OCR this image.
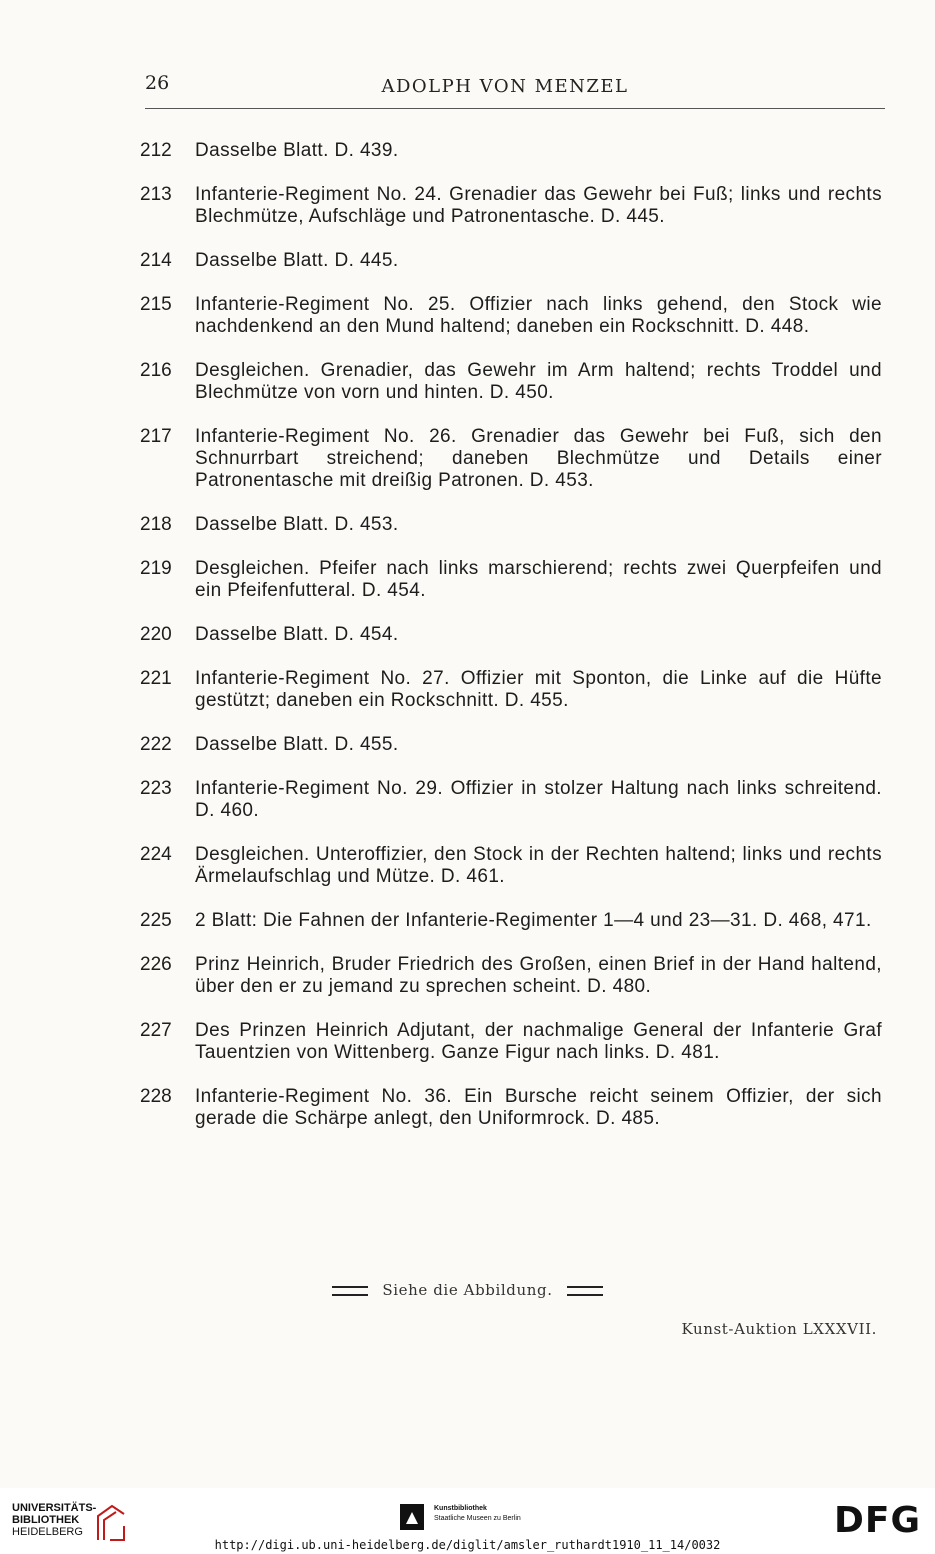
26	ADOLPH VON MENZEL
212	Dasselbe Blatt. D. 439.
213	Infanterie-Regiment No. 24. Grenadier das Gewehr bei Fuß; links und rechts Blechmütze, Aufschläge und Patronentasche. D. 445.
214	Dasselbe Blatt. D. 445.
215	Infanterie-Regiment No. 25. Offizier nach links gehend, den Stock wie nachdenkend an den Mund haltend; daneben ein Rockschnitt. D. 448.
216	Desgleichen. Grenadier, das Gewehr im Arm haltend; rechts Troddel und Blechmütze von vorn und hinten. D. 450.
217	Infanterie-Regiment No. 26. Grenadier das Gewehr bei Fuß, sich den Schnurrbart streichend; daneben Blechmütze und Details einer Patronentasche mit dreißig Patronen. D. 453.
218	Dasselbe Blatt. D. 453.
219	Desgleichen. Pfeifer nach links marschierend; rechts zwei Querpfeifen und ein Pfeifenfutteral. D. 454.
220	Dasselbe Blatt. D. 454.
221	Infanterie-Regiment No. 27. Offizier mit Sponton, die Linke auf die Hüfte gestützt; daneben ein Rockschnitt. D. 455.
222	Dasselbe Blatt. D. 455.
223	Infanterie-Regiment No. 29. Offizier in stolzer Haltung nach links schreitend. D. 460.
224	Desgleichen. Unteroffizier, den Stock in der Rechten haltend; links und rechts Ärmelaufschlag und Mütze. D. 461.
225	2 Blatt: Die Fahnen der Infanterie-Regimenter 1—4 und 23—31. D. 468, 471.
226	Prinz Heinrich, Bruder Friedrich des Großen, einen Brief in der Hand haltend, über den er zu jemand zu sprechen scheint. D. 480.
227	Des Prinzen Heinrich Adjutant, der nachmalige General der Infanterie Graf Tauentzien von Wittenberg. Ganze Figur nach links. D. 481.
228	Infanterie-Regiment No. 36. Ein Bursche reicht seinem Offizier, der sich gerade die Schärpe anlegt, den Uniformrock. D. 485.
Siehe die Abbildung.
Kunst-Auktion LXXXVII.
UNIVERSITÄTS-
BIBLIOTHEK
HEIDELBERG
Kunstbibliothek
Staatliche Museen zu Berlin	DFG
http://digi.ub.uni-heidelberg.de/diglit/amsler_ruthardt1910_11_14/0032
